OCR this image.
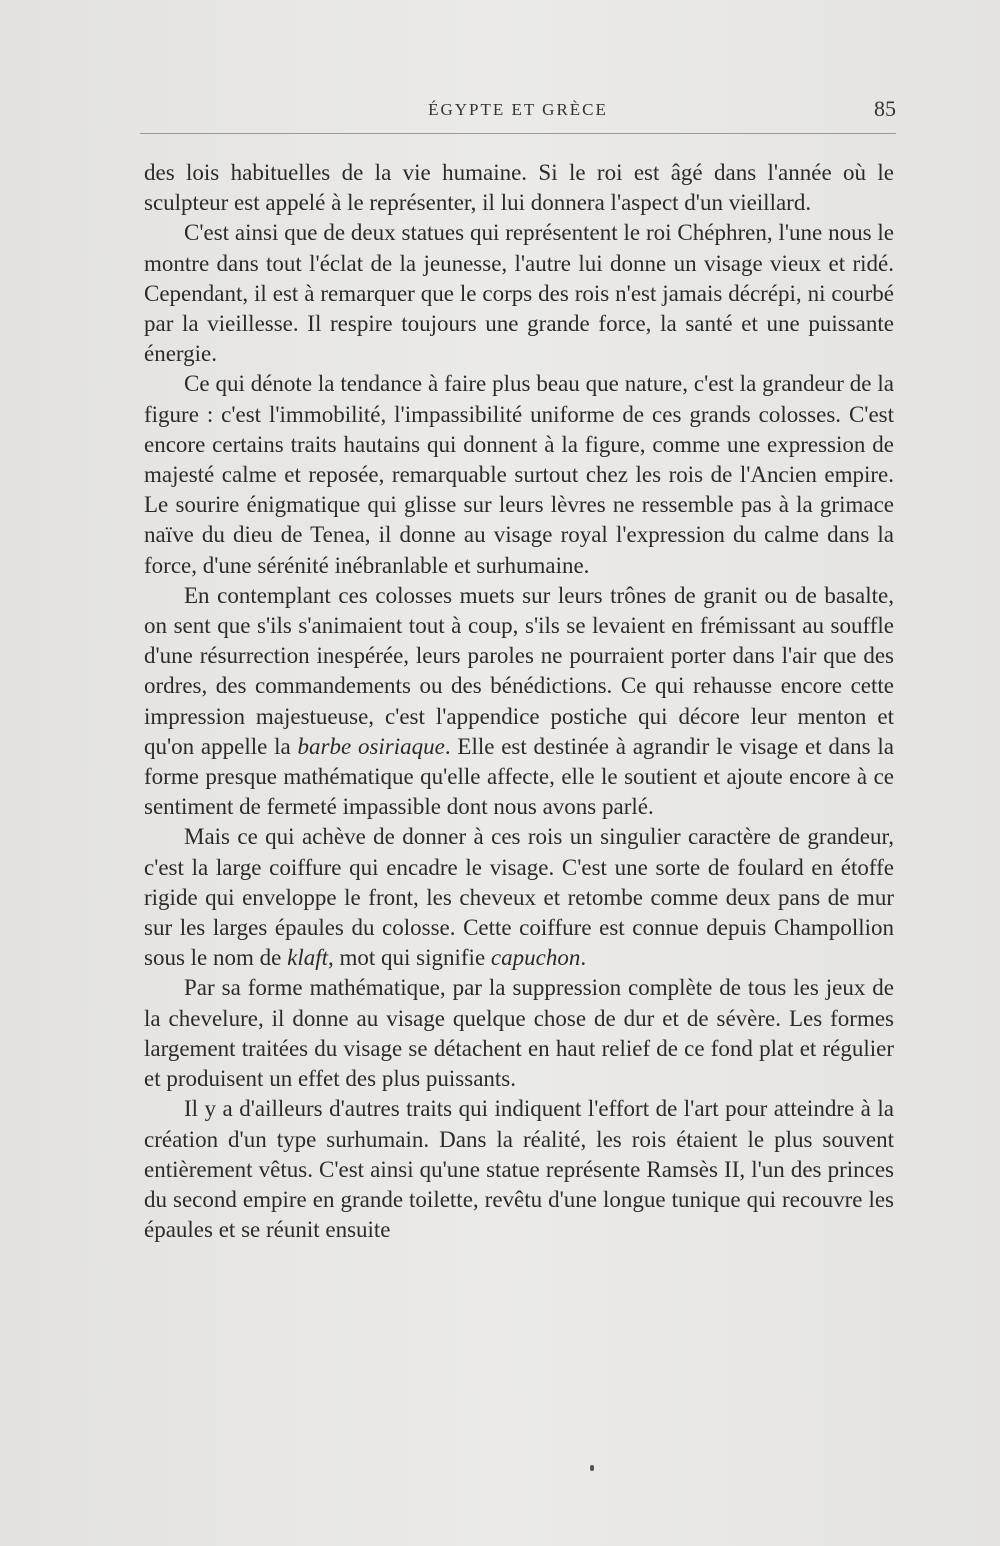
ÉGYPTE ET GRÈCE	85

des lois habituelles de la vie humaine. Si le roi est âgé dans l'année où le sculpteur est appelé à le représenter, il lui donnera l'aspect d'un vieillard.

C'est ainsi que de deux statues qui représentent le roi Chéphren, l'une nous le montre dans tout l'éclat de la jeunesse, l'autre lui donne un visage vieux et ridé. Cependant, il est à remarquer que le corps des rois n'est jamais décrépi, ni courbé par la vieillesse. Il respire toujours une grande force, la santé et une puissante énergie.

Ce qui dénote la tendance à faire plus beau que nature, c'est la grandeur de la figure : c'est l'immobilité, l'impassibilité uniforme de ces grands colosses. C'est encore certains traits hautains qui donnent à la figure, comme une expression de majesté calme et reposée, remarquable surtout chez les rois de l'Ancien empire. Le sourire énigmatique qui glisse sur leurs lèvres ne ressemble pas à la grimace naïve du dieu de Tenea, il donne au visage royal l'expression du calme dans la force, d'une sérénité inébranlable et surhumaine.

En contemplant ces colosses muets sur leurs trônes de granit ou de basalte, on sent que s'ils s'animaient tout à coup, s'ils se levaient en frémissant au souffle d'une résurrection inespérée, leurs paroles ne pourraient porter dans l'air que des ordres, des commandements ou des bénédictions. Ce qui rehausse encore cette impression majestueuse, c'est l'appendice postiche qui décore leur menton et qu'on appelle la barbe osiriaque. Elle est destinée à agrandir le visage et dans la forme presque mathématique qu'elle affecte, elle le soutient et ajoute encore à ce sentiment de fermeté impassible dont nous avons parlé.

Mais ce qui achève de donner à ces rois un singulier caractère de grandeur, c'est la large coiffure qui encadre le visage. C'est une sorte de foulard en étoffe rigide qui enveloppe le front, les cheveux et retombe comme deux pans de mur sur les larges épaules du colosse. Cette coiffure est connue depuis Champollion sous le nom de klaft, mot qui signifie capuchon.

Par sa forme mathématique, par la suppression complète de tous les jeux de la chevelure, il donne au visage quelque chose de dur et de sévère. Les formes largement traitées du visage se détachent en haut relief de ce fond plat et régulier et produisent un effet des plus puissants.

Il y a d'ailleurs d'autres traits qui indiquent l'effort de l'art pour atteindre à la création d'un type surhumain. Dans la réalité, les rois étaient le plus souvent entièrement vêtus. C'est ainsi qu'une statue représente Ramsès II, l'un des princes du second empire en grande toilette, revêtu d'une longue tunique qui recouvre les épaules et se réunit ensuite
